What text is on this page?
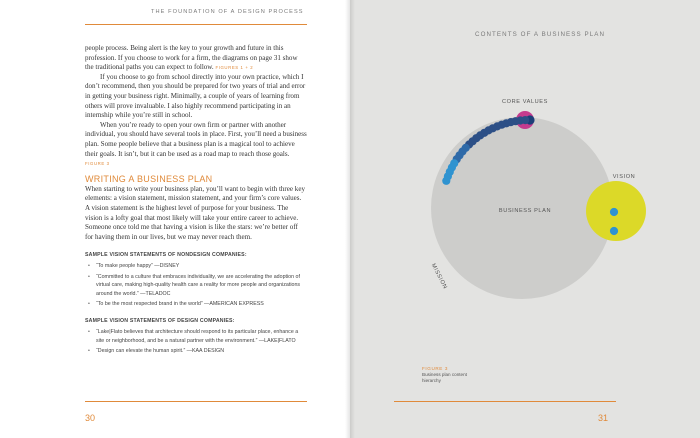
THE FOUNDATION OF A DESIGN PROCESS

people process. Being alert is the key to your growth and future in this profession. If you choose to work for a firm, the diagrams on page 31 show the traditional paths you can expect to follow. FIGURES 1 + 2

If you choose to go from school directly into your own practice, which I don’t recommend, then you should be prepared for two years of trial and error in getting your business right. Minimally, a couple of years of learning from others will prove invaluable. I also highly recommend participating in an internship while you’re still in school.

When you’re ready to open your own firm or partner with another individual, you should have several tools in place. First, you’ll need a business plan. Some people believe that a business plan is a magical tool to achieve their goals. It isn’t, but it can be used as a road map to reach those goals. FIGURE 3

WRITING A BUSINESS PLAN

When starting to write your business plan, you’ll want to begin with three key elements: a vision statement, mission statement, and your firm’s core values. A vision statement is the highest level of purpose for your business. The vision is a lofty goal that most likely will take your entire career to achieve. Someone once told me that having a vision is like the stars: we’re better off for having them in our lives, but we may never reach them.

SAMPLE VISION STATEMENTS OF NONDESIGN COMPANIES:
• “To make people happy” —DISNEY
• “Committed to a culture that embraces individuality, we are accelerating the adoption of virtual care, making high-quality health care a reality for more people and organizations around the world.” —TELADOC
• “To be the most respected brand in the world” —AMERICAN EXPRESS
SAMPLE VISION STATEMENTS OF DESIGN COMPANIES:
• “Lake|Flato believes that architecture should respond to its particular place, enhance a site or neighborhood, and be a natural partner with the environment.” —LAKE|FLATO
• “Design can elevate the human spirit.” —KAA DESIGN
30
CONTENTS OF A BUSINESS PLAN
CORE VALUES
VISION
BUSINESS PLAN
MISSION
FIGURE 3
Business plan content
hierarchy
31
